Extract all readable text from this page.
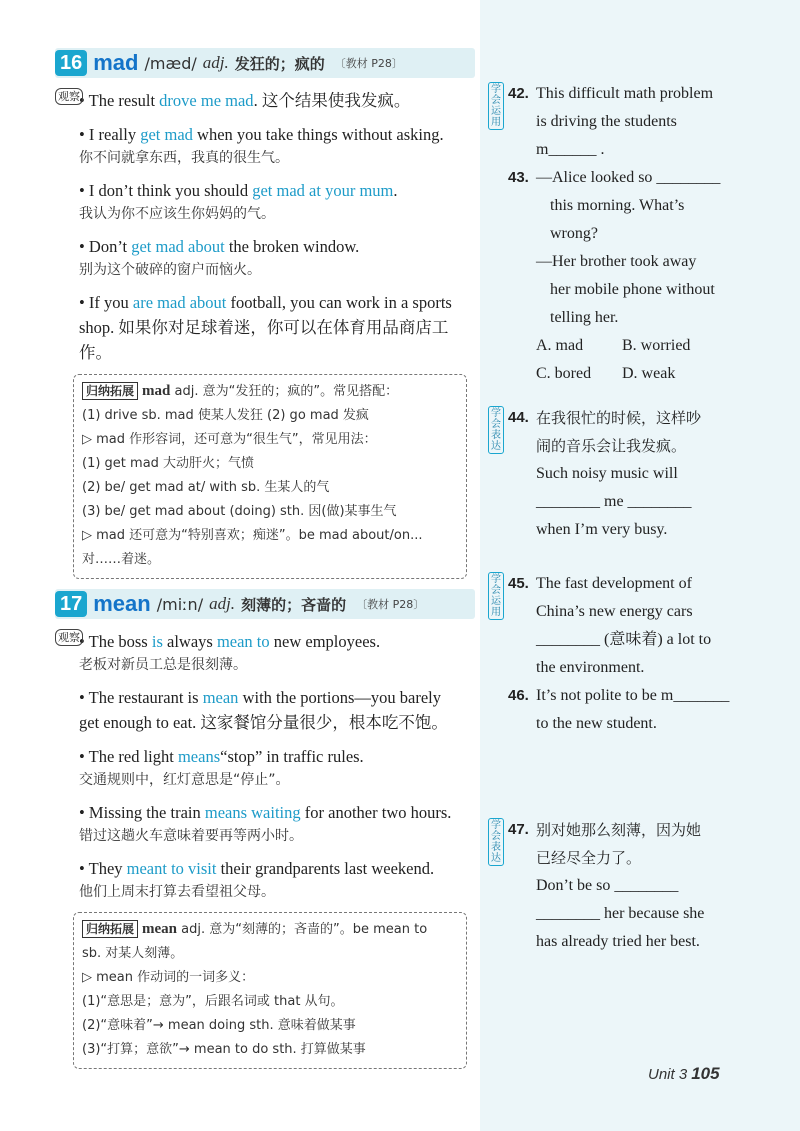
16 mad /mæd/ adj. 发狂的；疯的 〔教材 P28〕
观察 • The result drove me mad. 这个结果使我发疯。
• I really get mad when you take things without asking.
你不问就拿东西，我真的很生气。
• I don’t think you should get mad at your mum.
我认为你不应该生你妈妈的气。
• Don’t get mad about the broken window.
别为这个破碎的窗户而恼火。
• If you are mad about football, you can work in a sports
shop. 如果你对足球着迷，你可以在体育用品商店工作。
归纳拓展 mad adj. 意为“发狂的；疯的”。常见搭配：
(1) drive sb. mad 使某人发狂 (2) go mad 发疯
▷ mad 作形容词，还可意为“很生气”，常见用法：
(1) get mad 大动肝火；气愤
(2) be/ get mad at/ with sb. 生某人的气
(3) be/ get mad about (doing) sth. 因(做)某事生气
▷ mad 还可意为“特别喜欢；痴迷”。be mad about/on...
对……着迷。
17 mean /miːn/ adj. 刻薄的；吝啬的 〔教材 P28〕
观察 • The boss is always mean to new employees.
老板对新员工总是很刻薄。
• The restaurant is mean with the portions—you barely
get enough to eat. 这家餐馆分量很少，根本吃不饱。
• The red light means“stop” in traffic rules.
交通规则中，红灯意思是“停止”。
• Missing the train means waiting for another two hours.
错过这趟火车意味着要再等两小时。
• They meant to visit their grandparents last weekend.
他们上周末打算去看望祖父母。
归纳拓展 mean adj. 意为“刻薄的；吝啬的”。be mean to
sb. 对某人刻薄。
▷ mean 作动词的一词多义：
(1)“意思是；意为”，后跟名词或 that 从句。
(2)“意味着”→ mean doing sth. 意味着做某事
(3)“打算；意欲”→ mean to do sth. 打算做某事
学会运用
42. This difficult math problem
is driving the students
m______ .
43. —Alice looked so ________
this morning. What’s
wrong?
—Her brother took away
her mobile phone without
telling her.
A. mad	B. worried
C. bored	D. weak
学会表达
44. 在我很忙的时候，这样吵
闹的音乐会让我发疯。
Such noisy music will
________ me ________
when I’m very busy.
学会运用
45. The fast development of
China’s new energy cars
________ (意味着) a lot to
the environment.
46. It’s not polite to be m_______
to the new student.
学会表达
47. 别对她那么刻薄，因为她
已经尽全力了。
Don’t be so ________
________ her because she
has already tried her best.
Unit 3 105
